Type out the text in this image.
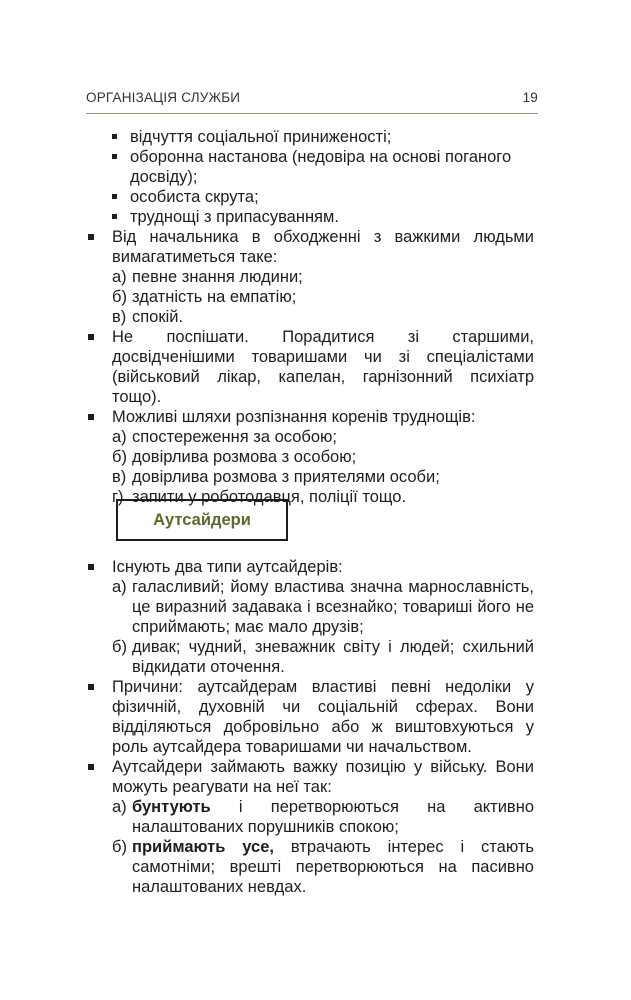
ОРГАНІЗАЦІЯ СЛУЖБИ	19
відчуття соціальної приниженості;
оборонна настанова (недовіра на основі поганого досвіду);
особиста скрута;
труднощі з припасуванням.
Від начальника в обходженні з важкими людьми вимагатиметься таке:
а) певне знання людини;
б) здатність на емпатію;
в) спокій.
Не поспішати. Порадитися зі старшими, досвідченішими товаришами чи зі спеціалістами (військовий лікар, капелан, гарнізонний психіатр тощо).
Можливі шляхи розпізнання коренів труднощів:
а) спостереження за особою;
б) довірлива розмова з особою;
в) довірлива розмова з приятелями особи;
г) запити у роботодавця, поліції тощо.
Аутсайдери
Існують два типи аутсайдерів:
а) галасливий; йому властива значна марнославність, це виразний задавака і всезнайко; товариші його не сприймають; має мало друзів;
б) дивак; чудний, зневажник світу і людей; схильний відкидати оточення.
Причини: аутсайдерам властиві певні недоліки у фізичній, духовній чи соціальній сферах. Вони відділяються добровільно або ж виштовхуються у роль аутсайдера товаришами чи начальством.
Аутсайдери займають важку позицію у війську. Вони можуть реагувати на неї так:
а) бунтують і перетворюються на активно налаштованих порушників спокою;
б) приймають усе, втрачають інтерес і стають самотніми; врешті перетворюються на пасивно налаштованих невдах.
